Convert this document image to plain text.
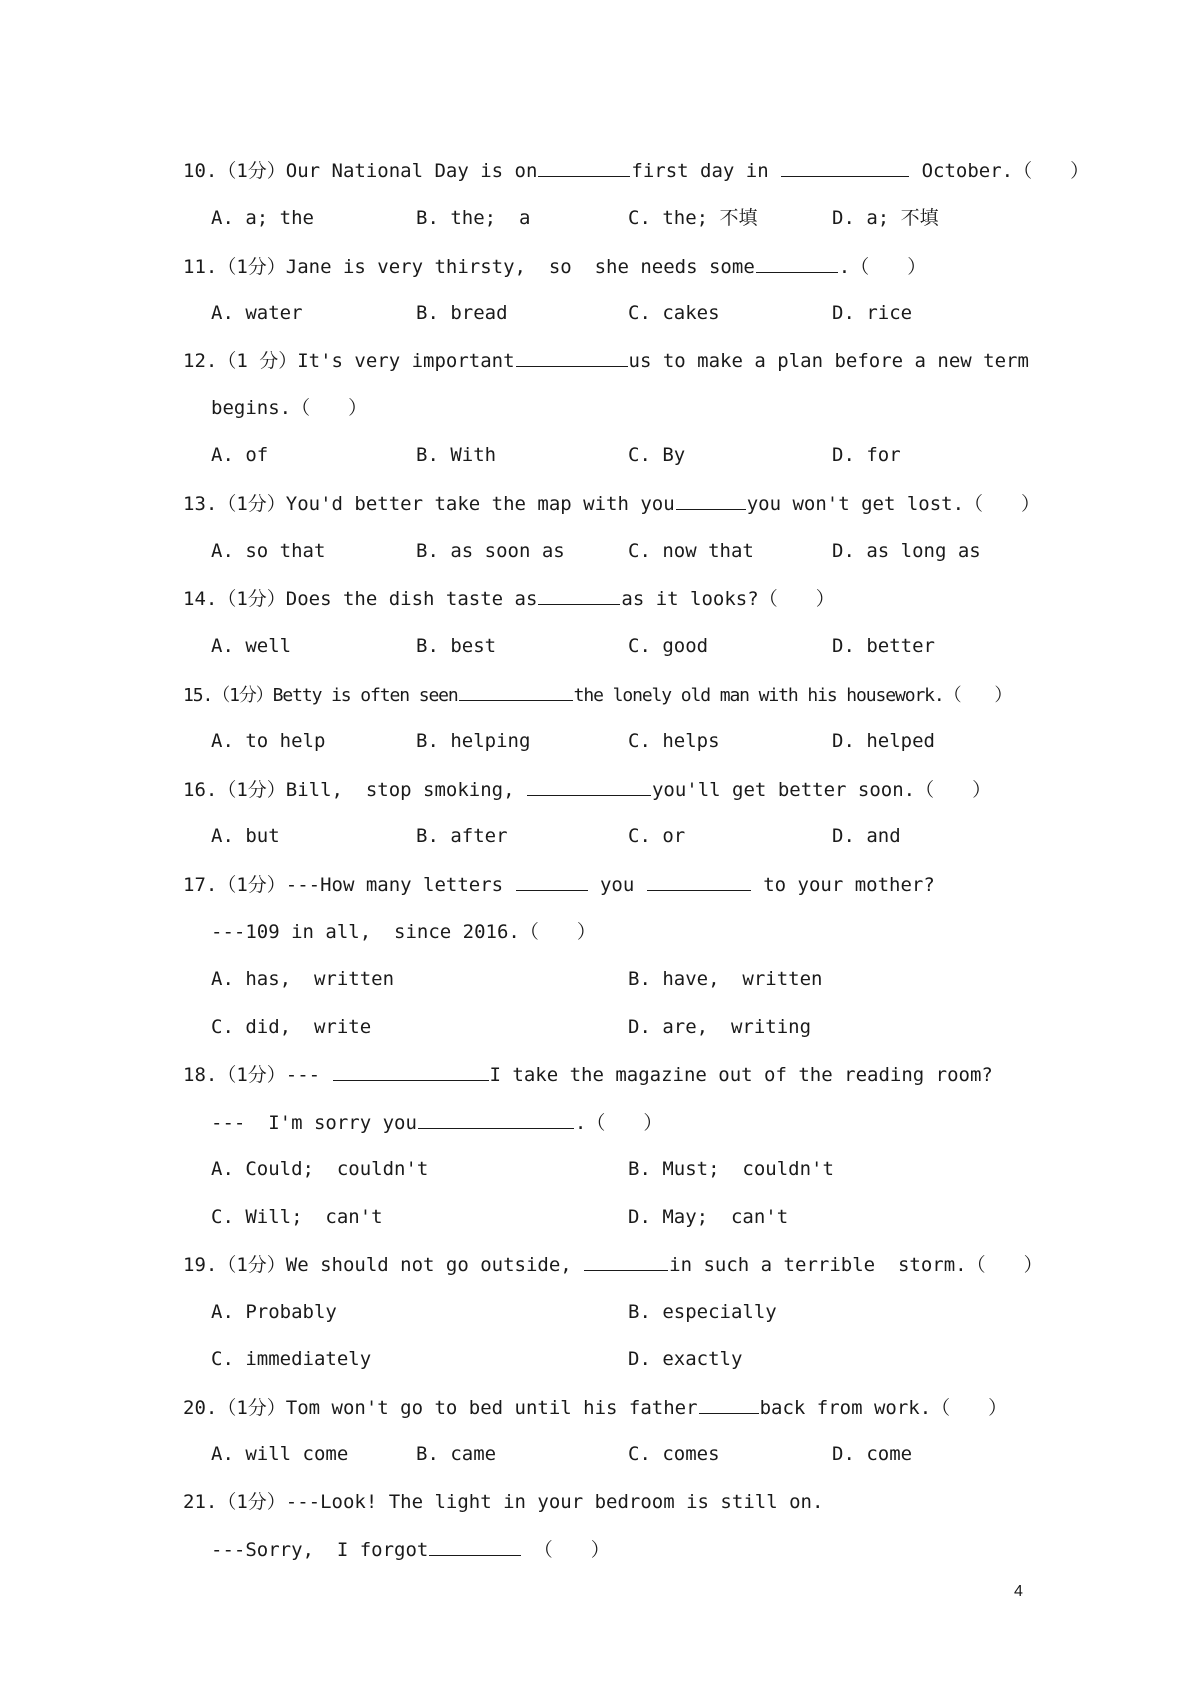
10.（1分）Our National Day is on	first day in	October.（　　）
A. a; the	B. the;  a	C. the; 不填	D. a; 不填
11.（1分）Jane is very thirsty,  so  she needs some	.（　　）
A. water	B. bread	C. cakes	D. rice
12.（1 分）It's very important	us to make a plan before a new term
begins.（　　）
A. of	B. With	C. By	D. for
13.（1分）You'd better take the map with you	you won't get lost.（　　）
A. so that	B. as soon as	C. now that	D. as long as
14.（1分）Does the dish taste as	as it looks?（　　）
A. well	B. best	C. good	D. better
15.（1分）Betty is often seen	the lonely old man with his housework.（　　）
A. to help	B. helping	C. helps	D. helped
16.（1分）Bill,  stop smoking,	you'll get better soon.（　　）
A. but	B. after	C. or	D. and
17.（1分）---How many letters	you	to your mother?
---109 in all,  since 2016.（　　）
A. has,  written	B. have,  written
C. did,  write	D. are,  writing
18.（1分）---	I take the magazine out of the reading room?
---  I'm sorry you	.（　　）
A. Could;  couldn't	B. Must;  couldn't
C. Will;  can't	D. May;  can't
19.（1分）We should not go outside,	in such a terrible  storm.（　　）
A. Probably	B. especially
C. immediately	D. exactly
20.（1分）Tom won't go to bed until his father	back from work.（　　）
A. will come	B. came	C. comes	D. come
21.（1分）---Look! The light in your bedroom is still on.
---Sorry,  I forgot	（　　）
4
